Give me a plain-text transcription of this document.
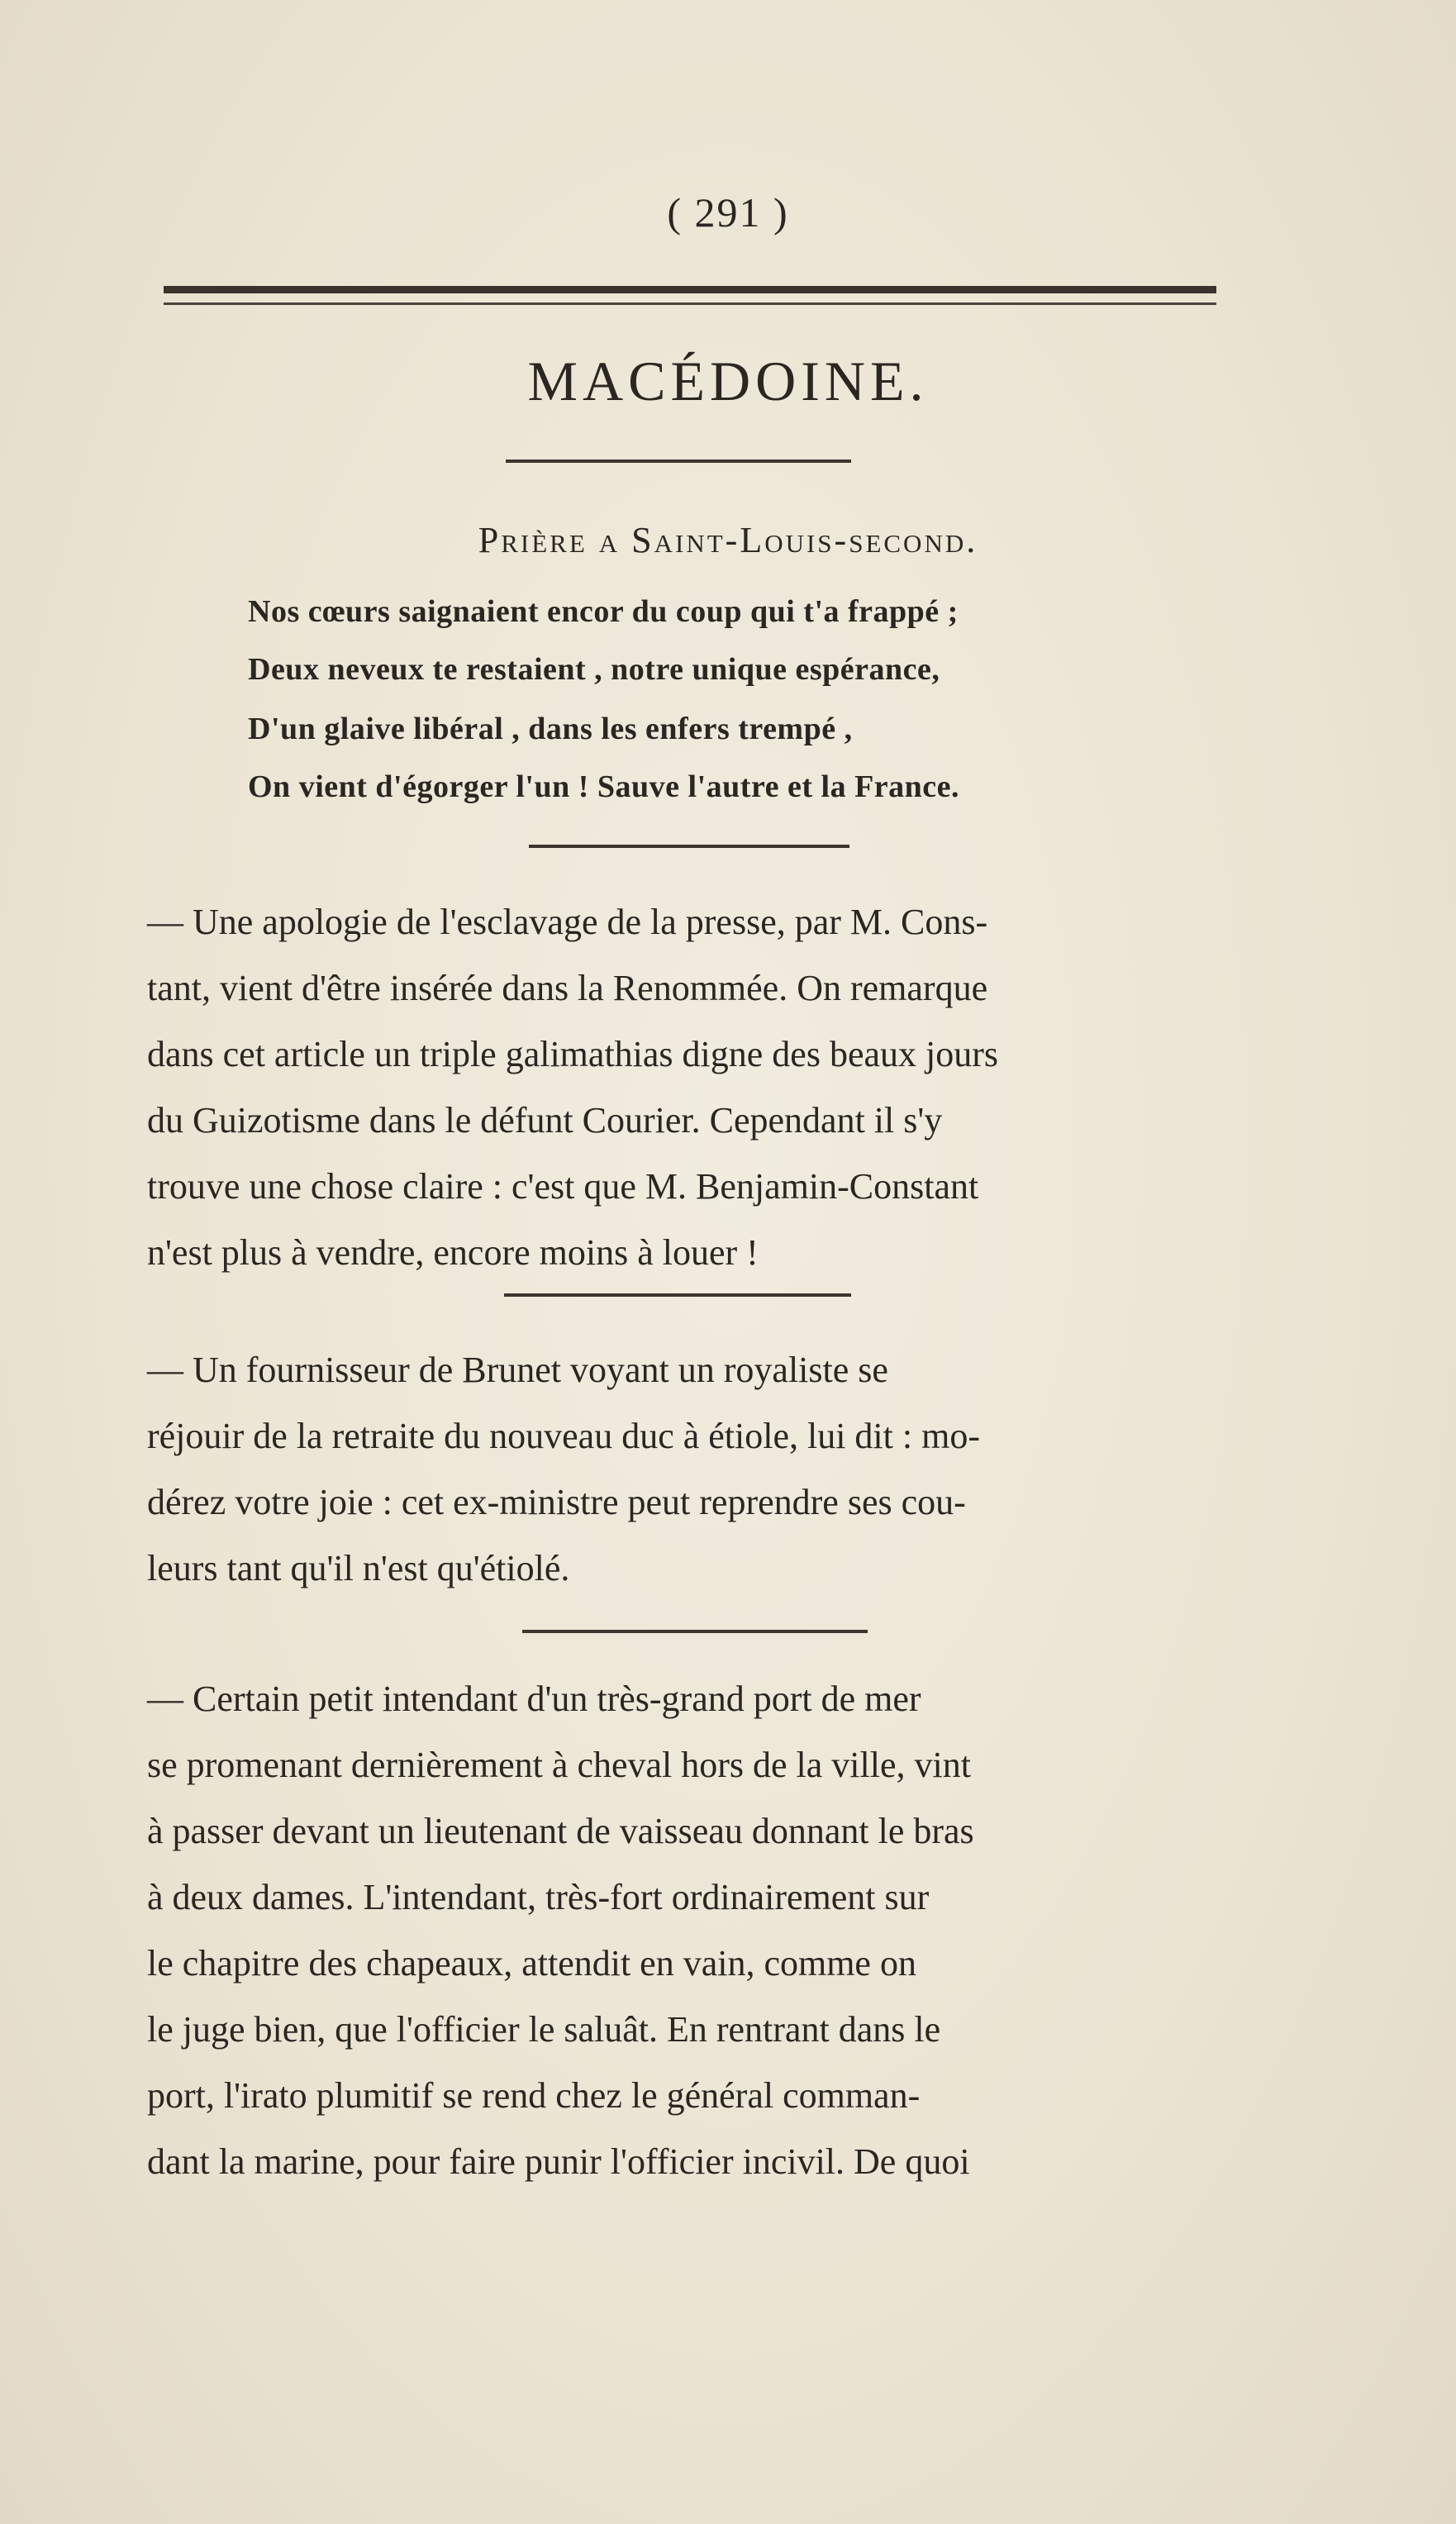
( 291 )
MACÉDOINE.
Prière a Saint-Louis-second.
Nos cœurs saignaient encor du coup qui t'a frappé ;
Deux neveux te restaient , notre unique espérance,
D'un glaive libéral , dans les enfers trempé ,
On vient d'égorger l'un ! Sauve l'autre et la France.
— Une apologie de l'esclavage de la presse, par M. Cons-
tant, vient d'être insérée dans la Renommée. On remarque
dans cet article un triple galimathias digne des beaux jours
du Guizotisme dans le défunt Courier. Cependant il s'y
trouve une chose claire : c'est que M. Benjamin-Constant
n'est plus à vendre, encore moins à louer !
— Un fournisseur de Brunet voyant un royaliste se
réjouir de la retraite du nouveau duc à étiole, lui dit : mo-
dérez votre joie : cet ex-ministre peut reprendre ses cou-
leurs tant qu'il n'est qu'étiolé.
— Certain petit intendant d'un très-grand port de mer
se promenant dernièrement à cheval hors de la ville, vint
à passer devant un lieutenant de vaisseau donnant le bras
à deux dames. L'intendant, très-fort ordinairement sur
le chapitre des chapeaux, attendit en vain, comme on
le juge bien, que l'officier le saluât. En rentrant dans le
port, l'irato plumitif se rend chez le général comman-
dant la marine, pour faire punir l'officier incivil. De quoi
